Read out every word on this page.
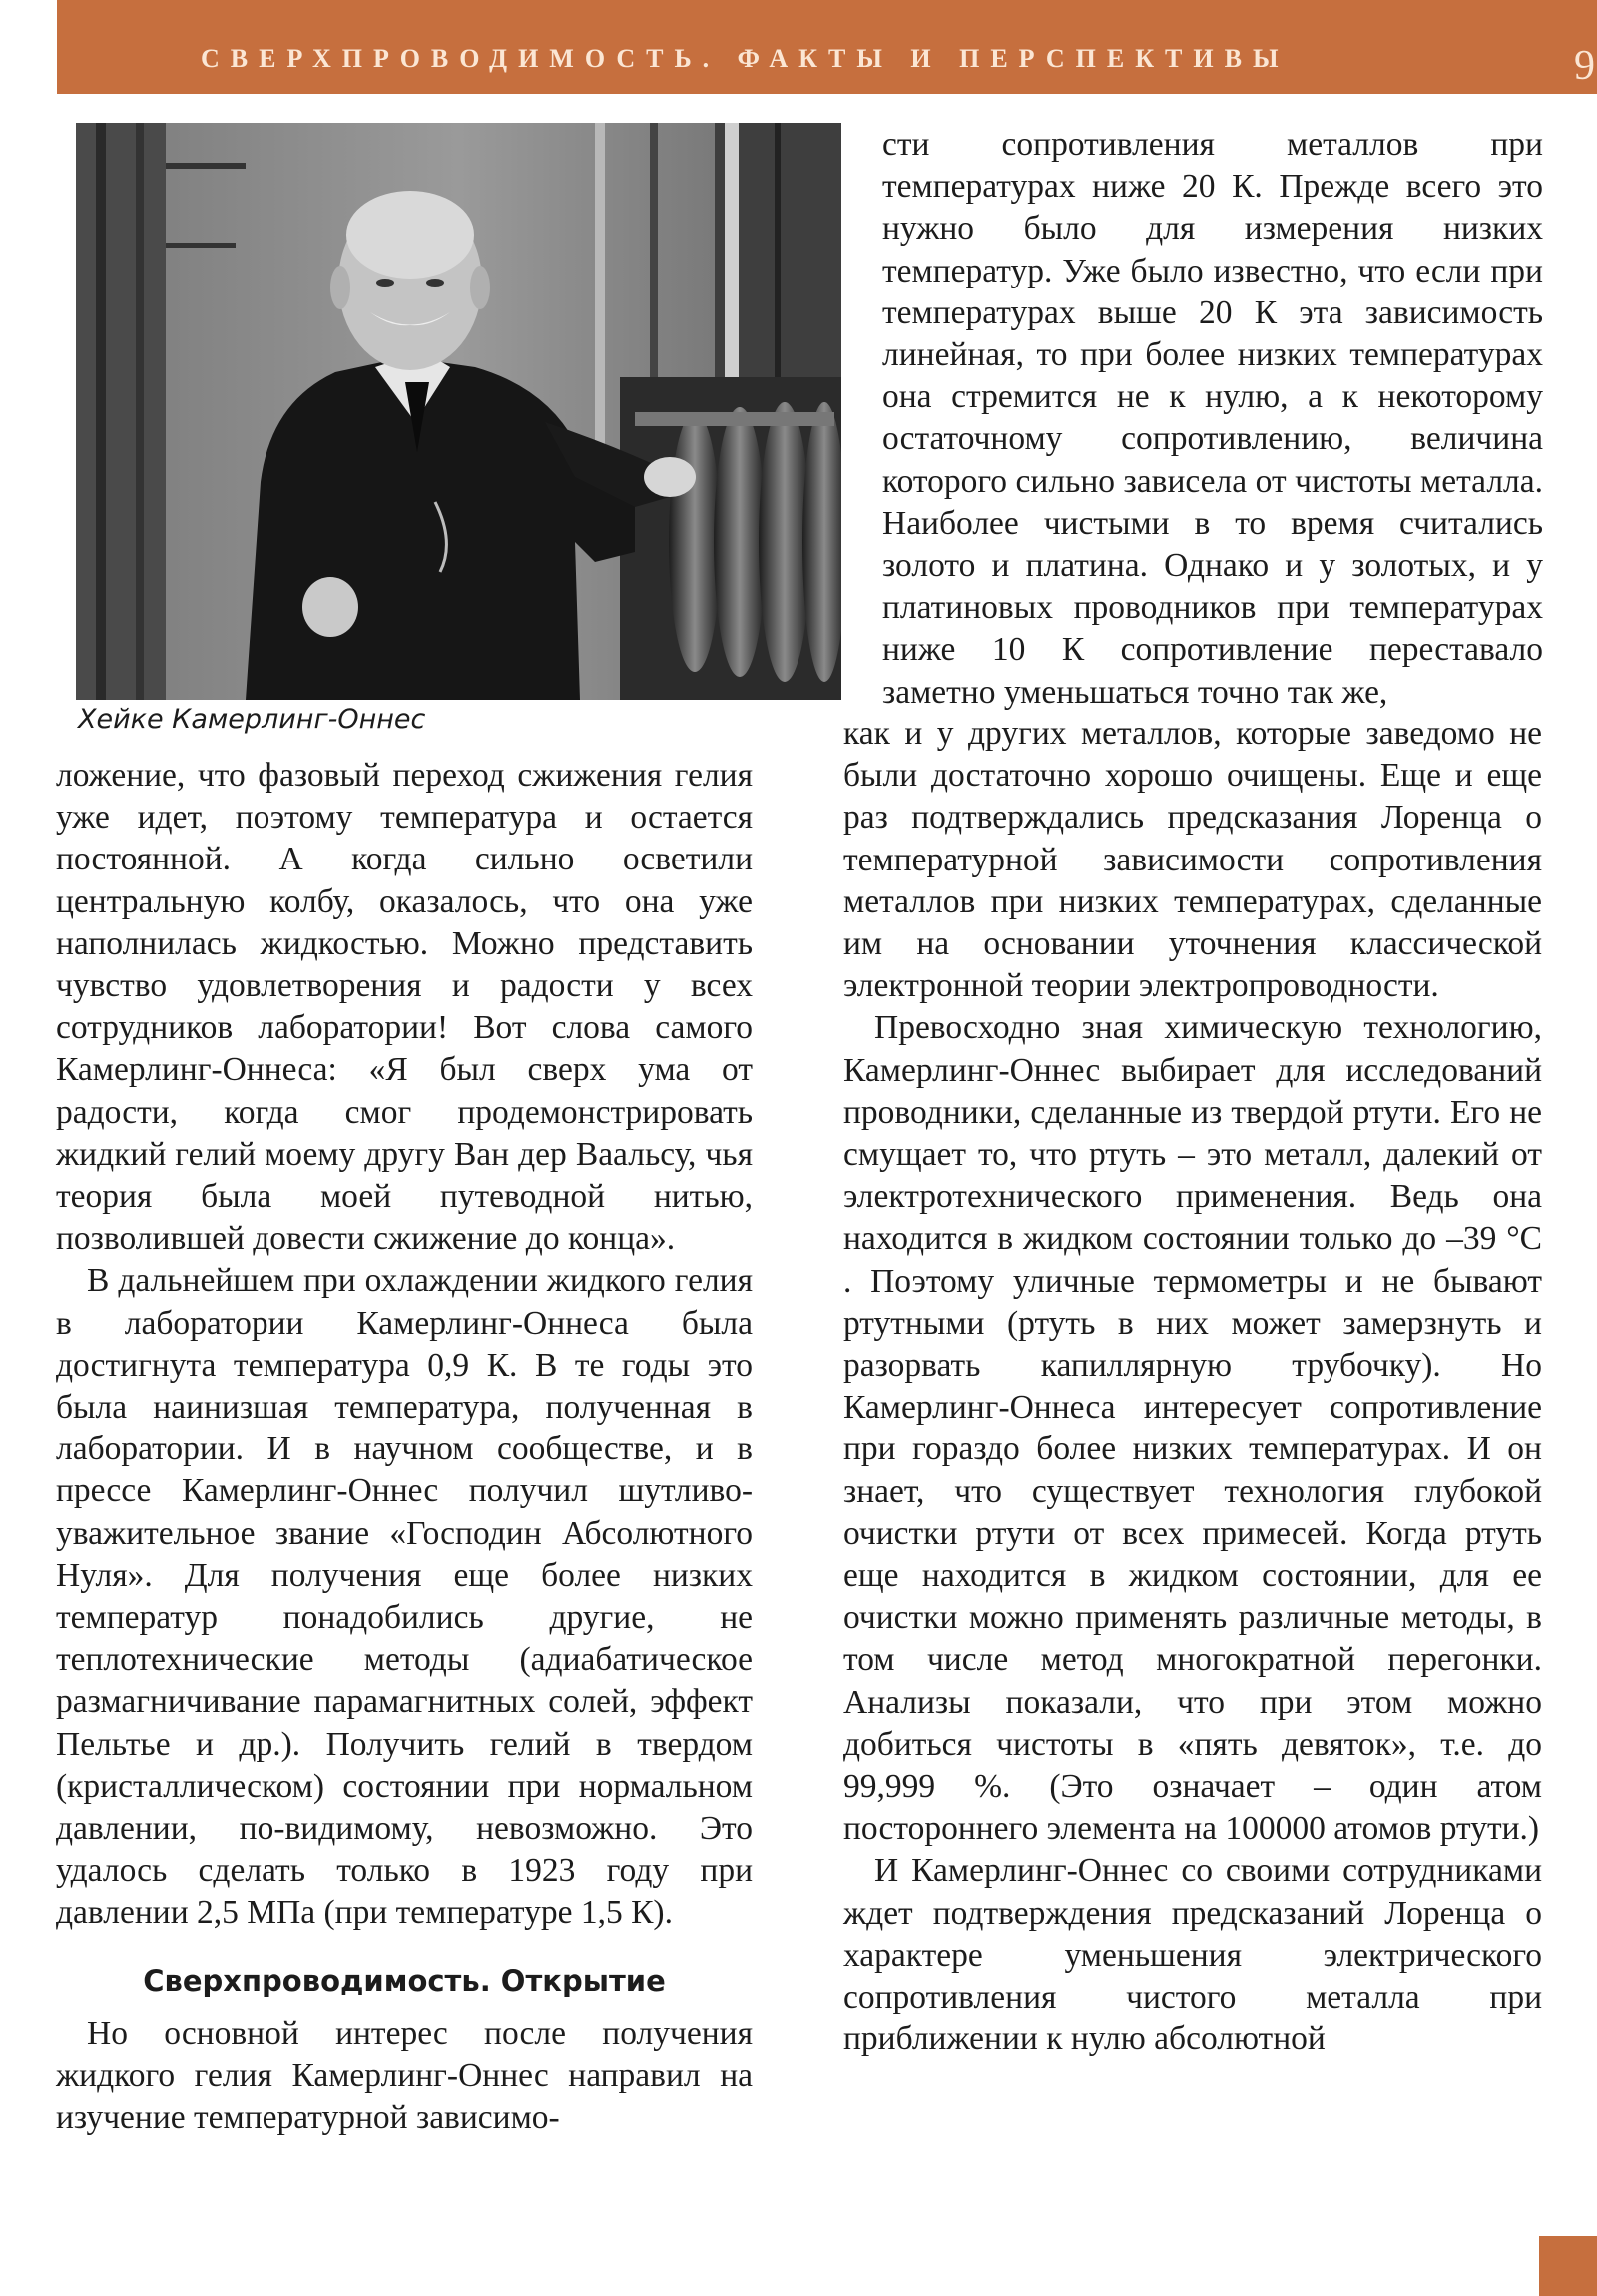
СВЕРХПРОВОДИМОСТЬ. ФАКТЫ И ПЕРСПЕКТИВЫ	9
Хейке Камерлинг-Оннес

сти сопротивления металлов при температурах ниже 20 К. Прежде всего это нужно было для измерения низких температур. Уже было известно, что если при температурах выше 20 К эта зависимость линейная, то при более низких температурах она стремится не к нулю, а к некоторому остаточному сопротивлению, величина которого сильно зависела от чистоты металла. Наиболее чистыми в то время считались золото и платина. Однако и у золотых, и у платиновых проводников при температурах ниже 10 К сопротивление переставало заметно уменьшаться точно так же,

ложение, что фазовый переход сжижения гелия уже идет, поэтому температура и остается постоянной. А когда сильно осветили центральную колбу, оказалось, что она уже наполнилась жидкостью. Можно представить чувство удовлетворения и радости у всех сотрудников лаборатории! Вот слова самого Камерлинг-Оннеса: «Я был сверх ума от радости, когда смог продемонстрировать жидкий гелий моему другу Ван дер Ваальсу, чья теория была моей путеводной нитью, позволившей довести сжижение до конца».

В дальнейшем при охлаждении жидкого гелия в лаборатории Камерлинг-Оннеса была достигнута температура 0,9 К. В те годы это была наинизшая температура, полученная в лаборатории. И в научном сообществе, и в прессе Камерлинг-Оннес получил шутливо-уважительное звание «Господин Абсолютного Нуля». Для получения еще более низких температур понадобились другие, не теплотехнические методы (адиабатическое размагничивание парамагнитных солей, эффект Пельтье и др.). Получить гелий в твердом (кристаллическом) состоянии при нормальном давлении, по-видимому, невозможно. Это удалось сделать только в 1923 году при давлении 2,5 МПа (при температуре 1,5 К).

Сверхпроводимость. Открытие

Но основной интерес после получения жидкого гелия Камерлинг-Оннес направил на изучение температурной зависимо-

как и у других металлов, которые заведомо не были достаточно хорошо очищены. Еще и еще раз подтверждались предсказания Лоренца о температурной зависимости сопротивления металлов при низких температурах, сделанные им на основании уточнения классической электронной теории электропроводности.

Превосходно зная химическую технологию, Камерлинг-Оннес выбирает для исследований проводники, сделанные из твердой ртути. Его не смущает то, что ртуть – это металл, далекий от электротехнического применения. Ведь она находится в жидком состоянии только до –39 °С . Поэтому уличные термометры и не бывают ртутными (ртуть в них может замерзнуть и разорвать капиллярную трубочку). Но Камерлинг-Оннеса интересует сопротивление при гораздо более низких температурах. И он знает, что существует технология глубокой очистки ртути от всех примесей. Когда ртуть еще находится в жидком состоянии, для ее очистки можно применять различные методы, в том числе метод многократной перегонки. Анализы показали, что при этом можно добиться чистоты в «пять девяток», т.е. до 99,999 %. (Это означает – один атом постороннего элемента на 100000 атомов ртути.)

И Камерлинг-Оннес со своими сотрудниками ждет подтверждения предсказаний Лоренца о характере уменьшения электрического сопротивления чистого металла при приближении к нулю абсолютной
